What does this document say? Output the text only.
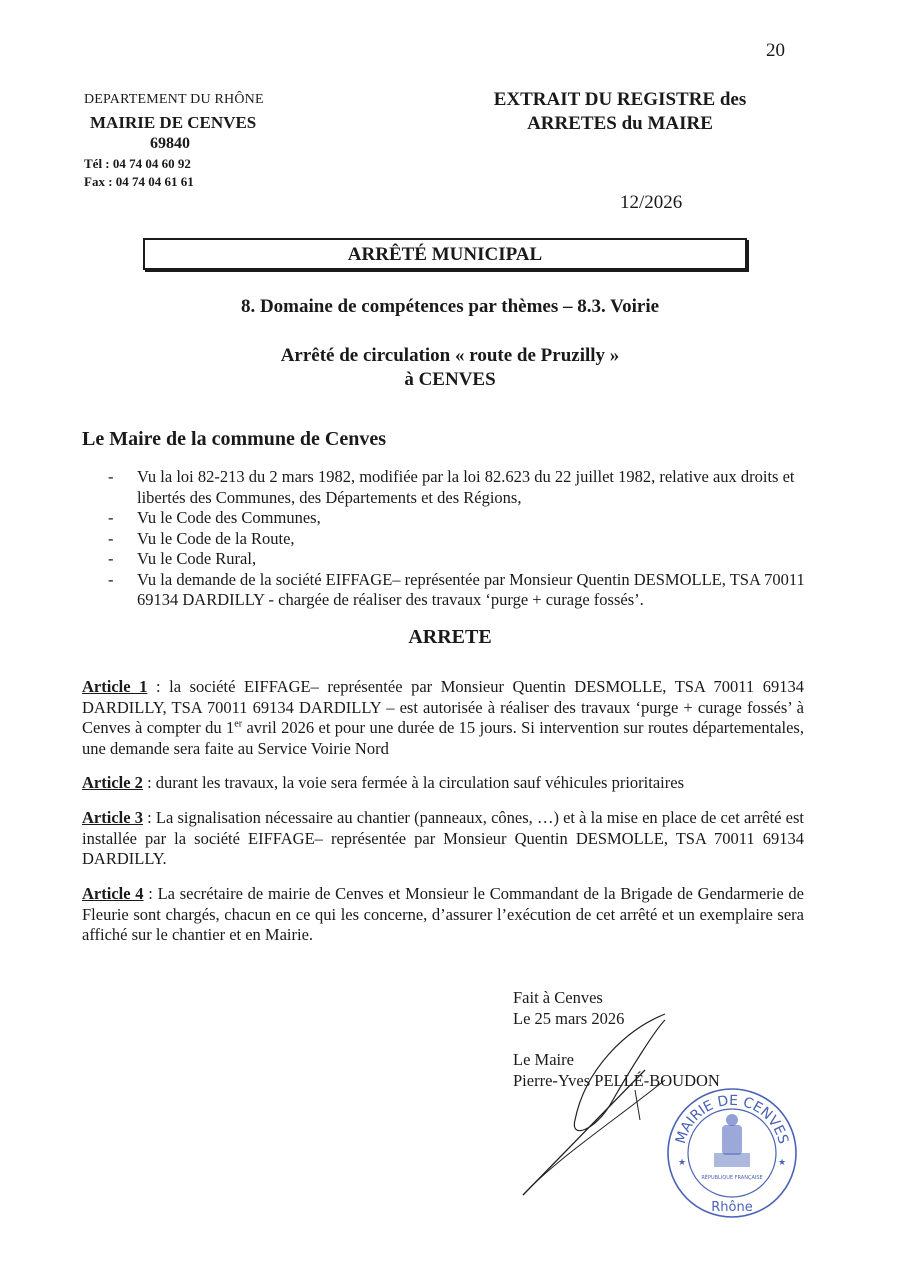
20
DEPARTEMENT DU RHÔNE
MAIRIE DE CENVES
69840
Tél : 04 74 04 60 92
Fax : 04 74 04 61 61
EXTRAIT DU REGISTRE des
ARRETES du MAIRE
12/2026
ARRÊTÉ MUNICIPAL
8. Domaine de compétences par thèmes – 8.3. Voirie
Arrêté de circulation « route de Pruzilly »
à CENVES
Le Maire de la commune de Cenves
- Vu la loi 82-213 du 2 mars 1982, modifiée par la loi 82.623 du 22 juillet 1982, relative aux droits et libertés des Communes, des Départements et des Régions,
- Vu le Code des Communes,
- Vu le Code de la Route,
- Vu le Code Rural,
- Vu la demande de la société EIFFAGE– représentée par Monsieur Quentin DESMOLLE, TSA 70011 69134 DARDILLY - chargée de réaliser des travaux ‘purge + curage fossés’.
ARRETE
Article 1 : la société EIFFAGE– représentée par Monsieur Quentin DESMOLLE, TSA 70011 69134 DARDILLY, TSA 70011 69134 DARDILLY – est autorisée à réaliser des travaux ‘purge + curage fossés’ à Cenves à compter du 1er avril 2026 et pour une durée de 15 jours. Si intervention sur routes départementales, une demande sera faite au Service Voirie Nord
Article 2 : durant les travaux, la voie sera fermée à la circulation sauf véhicules prioritaires
Article 3 : La signalisation nécessaire au chantier (panneaux, cônes, …) et à la mise en place de cet arrêté est installée par la société EIFFAGE– représentée par Monsieur Quentin DESMOLLE, TSA 70011 69134 DARDILLY.
Article 4 : La secrétaire de mairie de Cenves et Monsieur le Commandant de la Brigade de Gendarmerie de Fleurie sont chargés, chacun en ce qui les concerne, d’assurer l’exécution de cet arrêté et un exemplaire sera affiché sur le chantier et en Mairie.
Fait à Cenves
Le 25 mars 2026
Le Maire
Pierre-Yves PELLÉ-BOUDON
MAIRIE DE CENVES
RÉPUBLIQUE FRANÇAISE
Rhône
★	★
